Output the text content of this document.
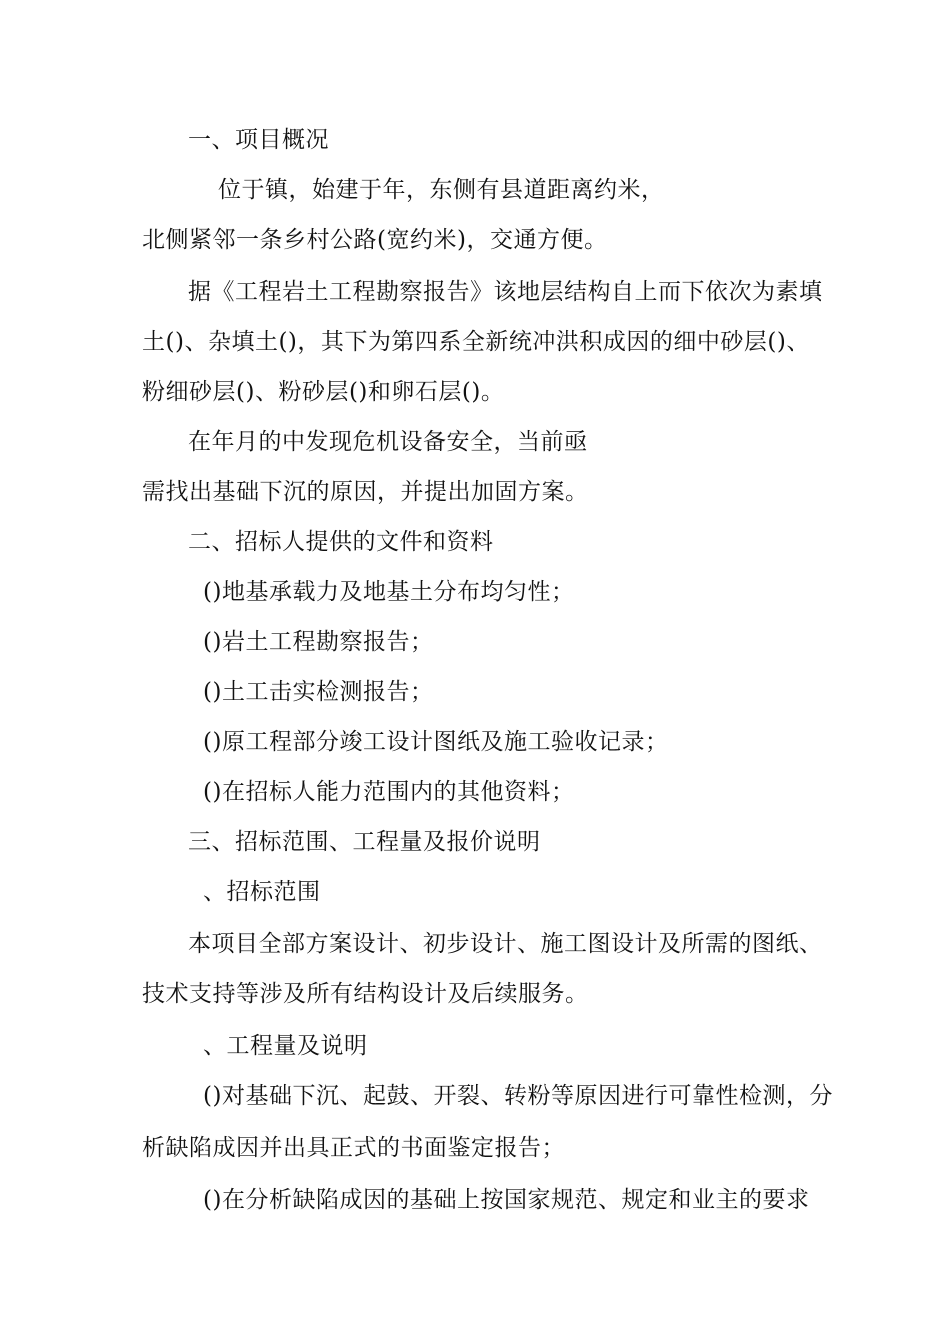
一、项目概况
位于镇，始建于年，东侧有县道距离约米，
北侧紧邻一条乡村公路(宽约米)，交通方便。
据《工程岩土工程勘察报告》该地层结构自上而下依次为素填
土()、杂填土()，其下为第四系全新统冲洪积成因的细中砂层()、
粉细砂层()、粉砂层()和卵石层()。
在年月的中发现危机设备安全，当前亟
需找出基础下沉的原因，并提出加固方案。
二、招标人提供的文件和资料
()地基承载力及地基土分布均匀性；
()岩土工程勘察报告；
()土工击实检测报告；
()原工程部分竣工设计图纸及施工验收记录；
()在招标人能力范围内的其他资料；
三、招标范围、工程量及报价说明
、招标范围
本项目全部方案设计、初步设计、施工图设计及所需的图纸、
技术支持等涉及所有结构设计及后续服务。
、工程量及说明
()对基础下沉、起鼓、开裂、转粉等原因进行可靠性检测，分
析缺陷成因并出具正式的书面鉴定报告；
()在分析缺陷成因的基础上按国家规范、规定和业主的要求
